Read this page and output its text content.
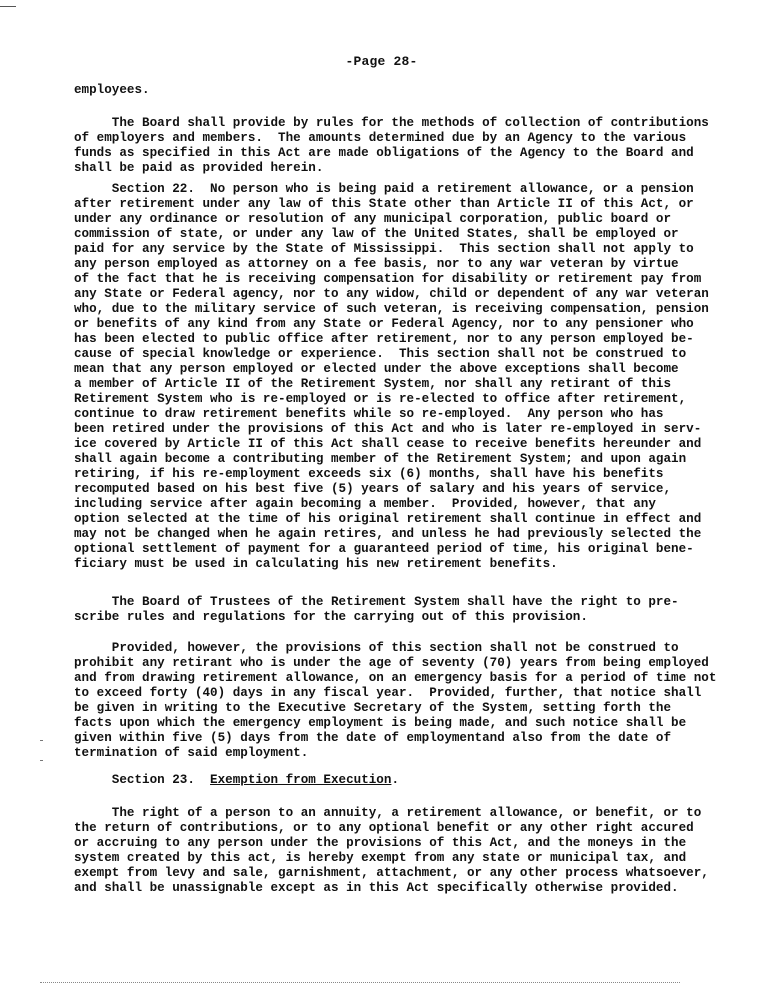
-Page 28-
employees.
The Board shall provide by rules for the methods of collection of contributions
of employers and members.  The amounts determined due by an Agency to the various
funds as specified in this Act are made obligations of the Agency to the Board and
shall be paid as provided herein.
Section 22.  No person who is being paid a retirement allowance, or a pension
after retirement under any law of this State other than Article II of this Act, or
under any ordinance or resolution of any municipal corporation, public board or
commission of state, or under any law of the United States, shall be employed or
paid for any service by the State of Mississippi.  This section shall not apply to
any person employed as attorney on a fee basis, nor to any war veteran by virtue
of the fact that he is receiving compensation for disability or retirement pay from
any State or Federal agency, nor to any widow, child or dependent of any war veteran
who, due to the military service of such veteran, is receiving compensation, pension
or benefits of any kind from any State or Federal Agency, nor to any pensioner who
has been elected to public office after retirement, nor to any person employed be-
cause of special knowledge or experience.  This section shall not be construed to
mean that any person employed or elected under the above exceptions shall become
a member of Article II of the Retirement System, nor shall any retirant of this
Retirement System who is re-employed or is re-elected to office after retirement,
continue to draw retirement benefits while so re-employed.  Any person who has
been retired under the provisions of this Act and who is later re-employed in serv-
ice covered by Article II of this Act shall cease to receive benefits hereunder and
shall again become a contributing member of the Retirement System; and upon again
retiring, if his re-employment exceeds six (6) months, shall have his benefits
recomputed based on his best five (5) years of salary and his years of service,
including service after again becoming a member.  Provided, however, that any
option selected at the time of his original retirement shall continue in effect and
may not be changed when he again retires, and unless he had previously selected the
optional settlement of payment for a guaranteed period of time, his original bene-
ficiary must be used in calculating his new retirement benefits.
The Board of Trustees of the Retirement System shall have the right to pre-
scribe rules and regulations for the carrying out of this provision.
Provided, however, the provisions of this section shall not be construed to
prohibit any retirant who is under the age of seventy (70) years from being employed
and from drawing retirement allowance, on an emergency basis for a period of time not
to exceed forty (40) days in any fiscal year.  Provided, further, that notice shall
be given in writing to the Executive Secretary of the System, setting forth the
facts upon which the emergency employment is being made, and such notice shall be
given within five (5) days from the date of employmentand also from the date of
termination of said employment.
Section 23.  Exemption from Execution.
The right of a person to an annuity, a retirement allowance, or benefit, or to
the return of contributions, or to any optional benefit or any other right accured
or accruing to any person under the provisions of this Act, and the moneys in the
system created by this act, is hereby exempt from any state or municipal tax, and
exempt from levy and sale, garnishment, attachment, or any other process whatsoever,
and shall be unassignable except as in this Act specifically otherwise provided.
